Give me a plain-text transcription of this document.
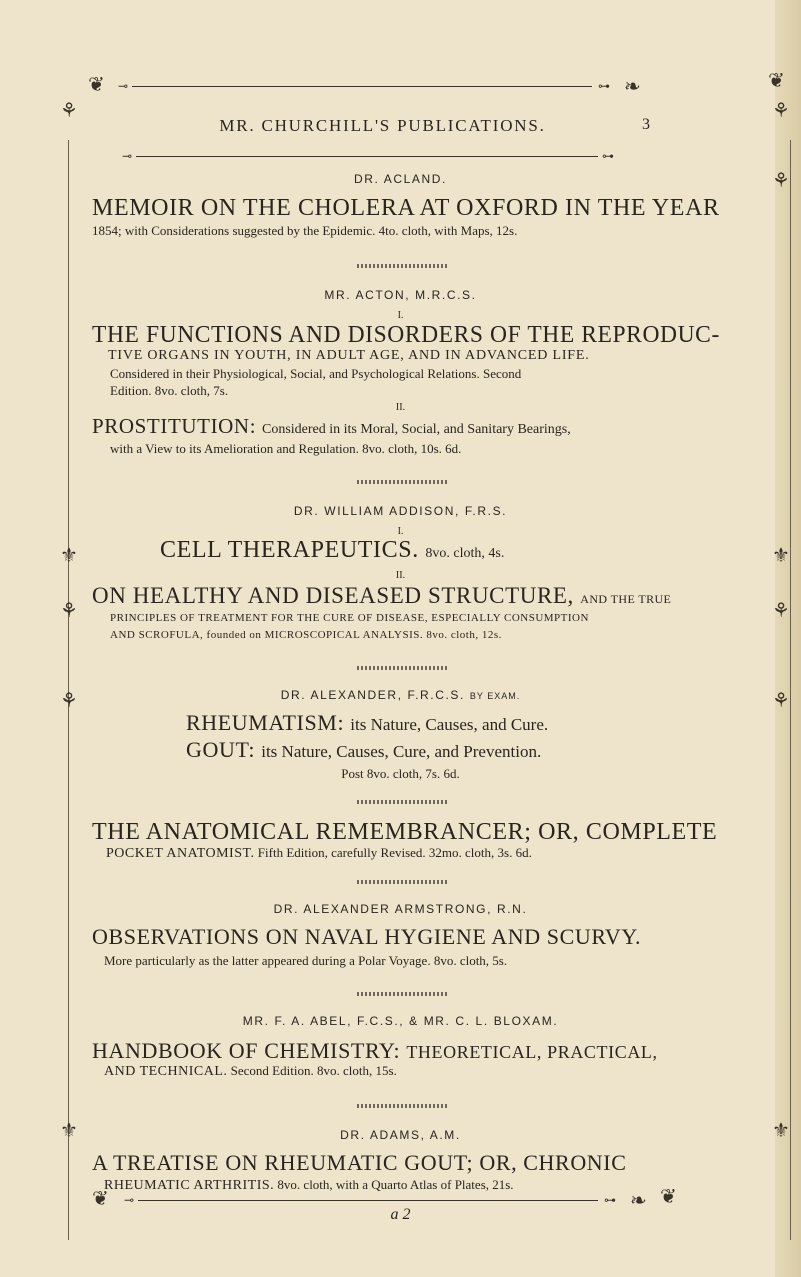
❦ ⊸	⊶ ❧	❦
⚘
⚜
⚘
⚘
⚜
⚘
⚘
⚜
⚘
⚘
⚜
MR. CHURCHILL'S PUBLICATIONS.	3
⊸	⊶
DR. ACLAND.
MEMOIR ON THE CHOLERA AT OXFORD IN THE YEAR
1854; with Considerations suggested by the Epidemic. 4to. cloth, with Maps, 12s.
MR. ACTON, M.R.C.S.
I.
THE FUNCTIONS AND DISORDERS OF THE REPRODUC-
TIVE ORGANS IN YOUTH, IN ADULT AGE, AND IN ADVANCED LIFE.
Considered in their Physiological, Social, and Psychological Relations. Second
Edition. 8vo. cloth, 7s.
II.
PROSTITUTION: Considered in its Moral, Social, and Sanitary Bearings,
with a View to its Amelioration and Regulation. 8vo. cloth, 10s. 6d.
DR. WILLIAM ADDISON, F.R.S.
I.
CELL THERAPEUTICS. 8vo. cloth, 4s.
II.
ON HEALTHY AND DISEASED STRUCTURE, AND THE TRUE
PRINCIPLES OF TREATMENT FOR THE CURE OF DISEASE, ESPECIALLY CONSUMPTION
AND SCROFULA, founded on MICROSCOPICAL ANALYSIS. 8vo. cloth, 12s.
DR. ALEXANDER, F.R.C.S. BY EXAM.
RHEUMATISM: its Nature, Causes, and Cure.
GOUT: its Nature, Causes, Cure, and Prevention.
Post 8vo. cloth, 7s. 6d.
THE ANATOMICAL REMEMBRANCER; OR, COMPLETE
POCKET ANATOMIST. Fifth Edition, carefully Revised. 32mo. cloth, 3s. 6d.
DR. ALEXANDER ARMSTRONG, R.N.
OBSERVATIONS ON NAVAL HYGIENE AND SCURVY.
More particularly as the latter appeared during a Polar Voyage. 8vo. cloth, 5s.
MR. F. A. ABEL, F.C.S., & MR. C. L. BLOXAM.
HANDBOOK OF CHEMISTRY: THEORETICAL, PRACTICAL,
AND TECHNICAL. Second Edition. 8vo. cloth, 15s.
DR. ADAMS, A.M.
A TREATISE ON RHEUMATIC GOUT; OR, CHRONIC
RHEUMATIC ARTHRITIS. 8vo. cloth, with a Quarto Atlas of Plates, 21s.
❦ ⊸	⊶ ❧ ❦
a 2
